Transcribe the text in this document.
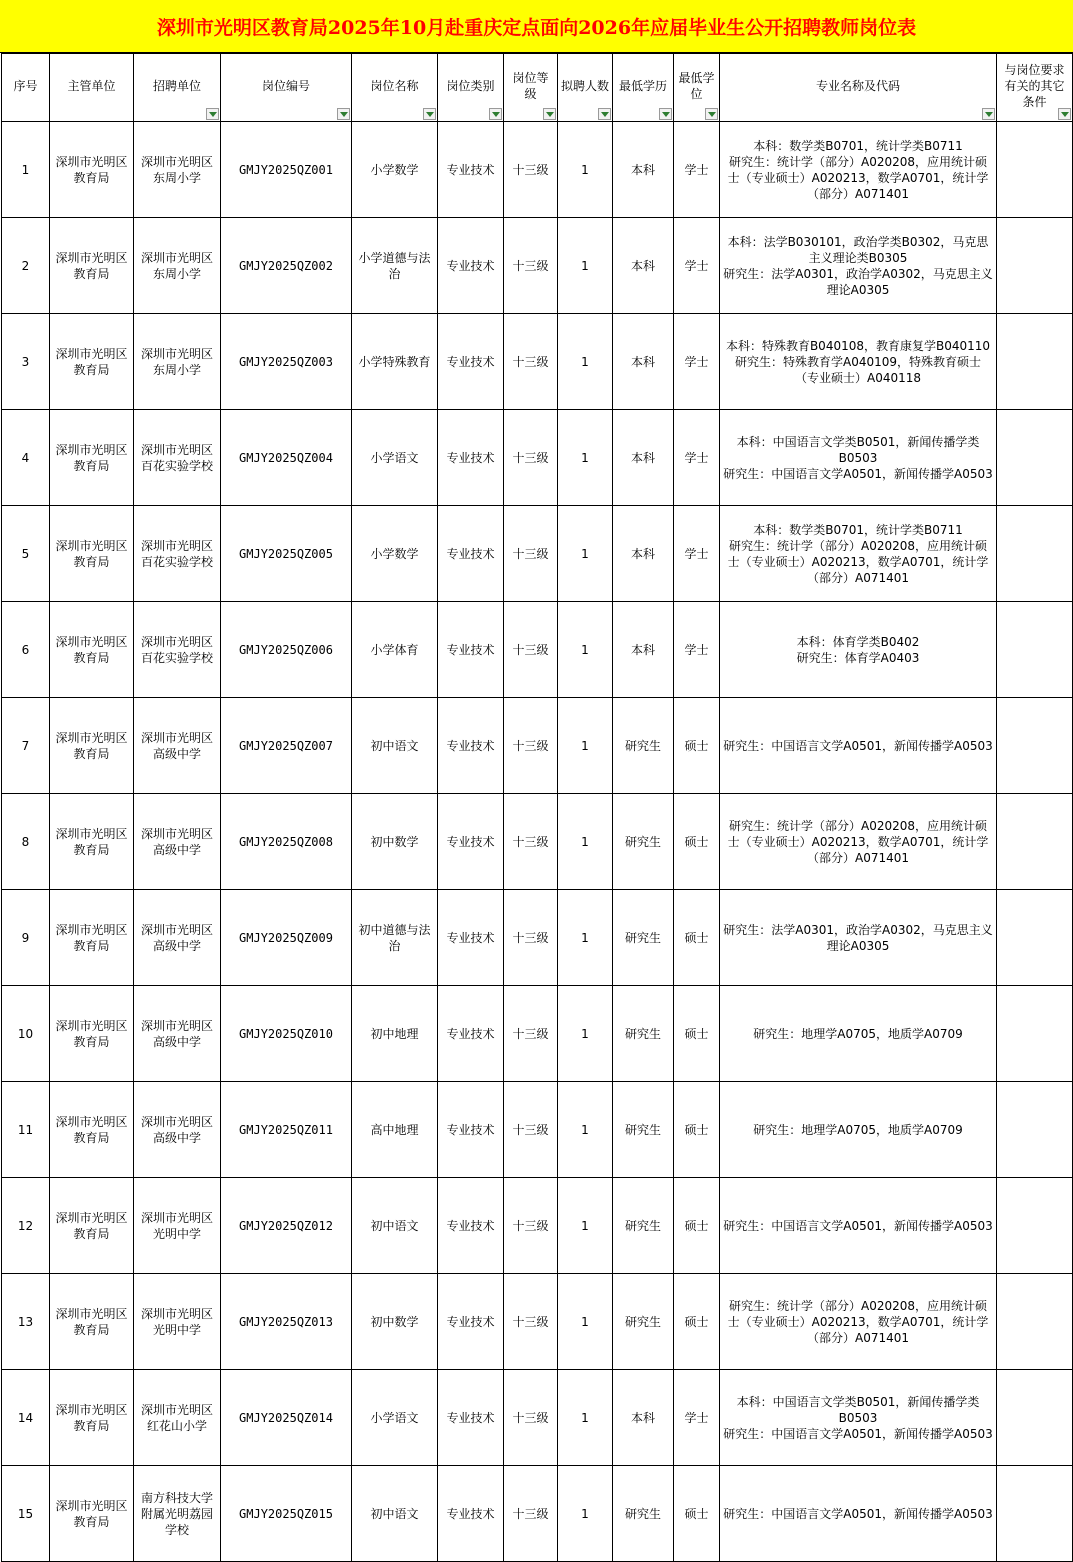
深圳市光明区教育局2025年10月赴重庆定点面向2026年应届毕业生公开招聘教师岗位表
序号	主管单位	招聘单位	岗位编号	岗位名称	岗位类别	岗位等级	拟聘人数	最低学历	最低学位	专业名称及代码	与岗位要求有关的其它条件

1	深圳市光明区教育局	深圳市光明区东周小学	GMJY2025QZ001	小学数学	专业技术	十三级	1	本科	学士	本科：数学类B0701，统计学类B0711
研究生：统计学（部分）A020208，应用统计硕士（专业硕士）A020213，数学A0701，统计学（部分）A071401	

2	深圳市光明区教育局	深圳市光明区东周小学	GMJY2025QZ002	小学道德与法治	专业技术	十三级	1	本科	学士	本科：法学B030101，政治学类B0302，马克思主义理论类B0305
研究生：法学A0301，政治学A0302，马克思主义理论A0305	

3	深圳市光明区教育局	深圳市光明区东周小学	GMJY2025QZ003	小学特殊教育	专业技术	十三级	1	本科	学士	本科：特殊教育B040108，教育康复学B040110
研究生：特殊教育学A040109，特殊教育硕士（专业硕士）A040118	

4	深圳市光明区教育局	深圳市光明区百花实验学校	GMJY2025QZ004	小学语文	专业技术	十三级	1	本科	学士	本科：中国语言文学类B0501，新闻传播学类B0503
研究生：中国语言文学A0501，新闻传播学A0503	

5	深圳市光明区教育局	深圳市光明区百花实验学校	GMJY2025QZ005	小学数学	专业技术	十三级	1	本科	学士	本科：数学类B0701，统计学类B0711
研究生：统计学（部分）A020208，应用统计硕士（专业硕士）A020213，数学A0701，统计学（部分）A071401	

6	深圳市光明区教育局	深圳市光明区百花实验学校	GMJY2025QZ006	小学体育	专业技术	十三级	1	本科	学士	本科：体育学类B0402
研究生：体育学A0403	

7	深圳市光明区教育局	深圳市光明区高级中学	GMJY2025QZ007	初中语文	专业技术	十三级	1	研究生	硕士	研究生：中国语言文学A0501，新闻传播学A0503	

8	深圳市光明区教育局	深圳市光明区高级中学	GMJY2025QZ008	初中数学	专业技术	十三级	1	研究生	硕士	研究生：统计学（部分）A020208，应用统计硕士（专业硕士）A020213，数学A0701，统计学（部分）A071401	

9	深圳市光明区教育局	深圳市光明区高级中学	GMJY2025QZ009	初中道德与法治	专业技术	十三级	1	研究生	硕士	研究生：法学A0301，政治学A0302，马克思主义理论A0305	

10	深圳市光明区教育局	深圳市光明区高级中学	GMJY2025QZ010	初中地理	专业技术	十三级	1	研究生	硕士	研究生：地理学A0705，地质学A0709	

11	深圳市光明区教育局	深圳市光明区高级中学	GMJY2025QZ011	高中地理	专业技术	十三级	1	研究生	硕士	研究生：地理学A0705，地质学A0709	

12	深圳市光明区教育局	深圳市光明区光明中学	GMJY2025QZ012	初中语文	专业技术	十三级	1	研究生	硕士	研究生：中国语言文学A0501，新闻传播学A0503	

13	深圳市光明区教育局	深圳市光明区光明中学	GMJY2025QZ013	初中数学	专业技术	十三级	1	研究生	硕士	研究生：统计学（部分）A020208，应用统计硕士（专业硕士）A020213，数学A0701，统计学（部分）A071401	

14	深圳市光明区教育局	深圳市光明区红花山小学	GMJY2025QZ014	小学语文	专业技术	十三级	1	本科	学士	本科：中国语言文学类B0501，新闻传播学类B0503
研究生：中国语言文学A0501，新闻传播学A0503	

15	深圳市光明区教育局	南方科技大学附属光明荔园学校	GMJY2025QZ015	初中语文	专业技术	十三级	1	研究生	硕士	研究生：中国语言文学A0501，新闻传播学A0503	
